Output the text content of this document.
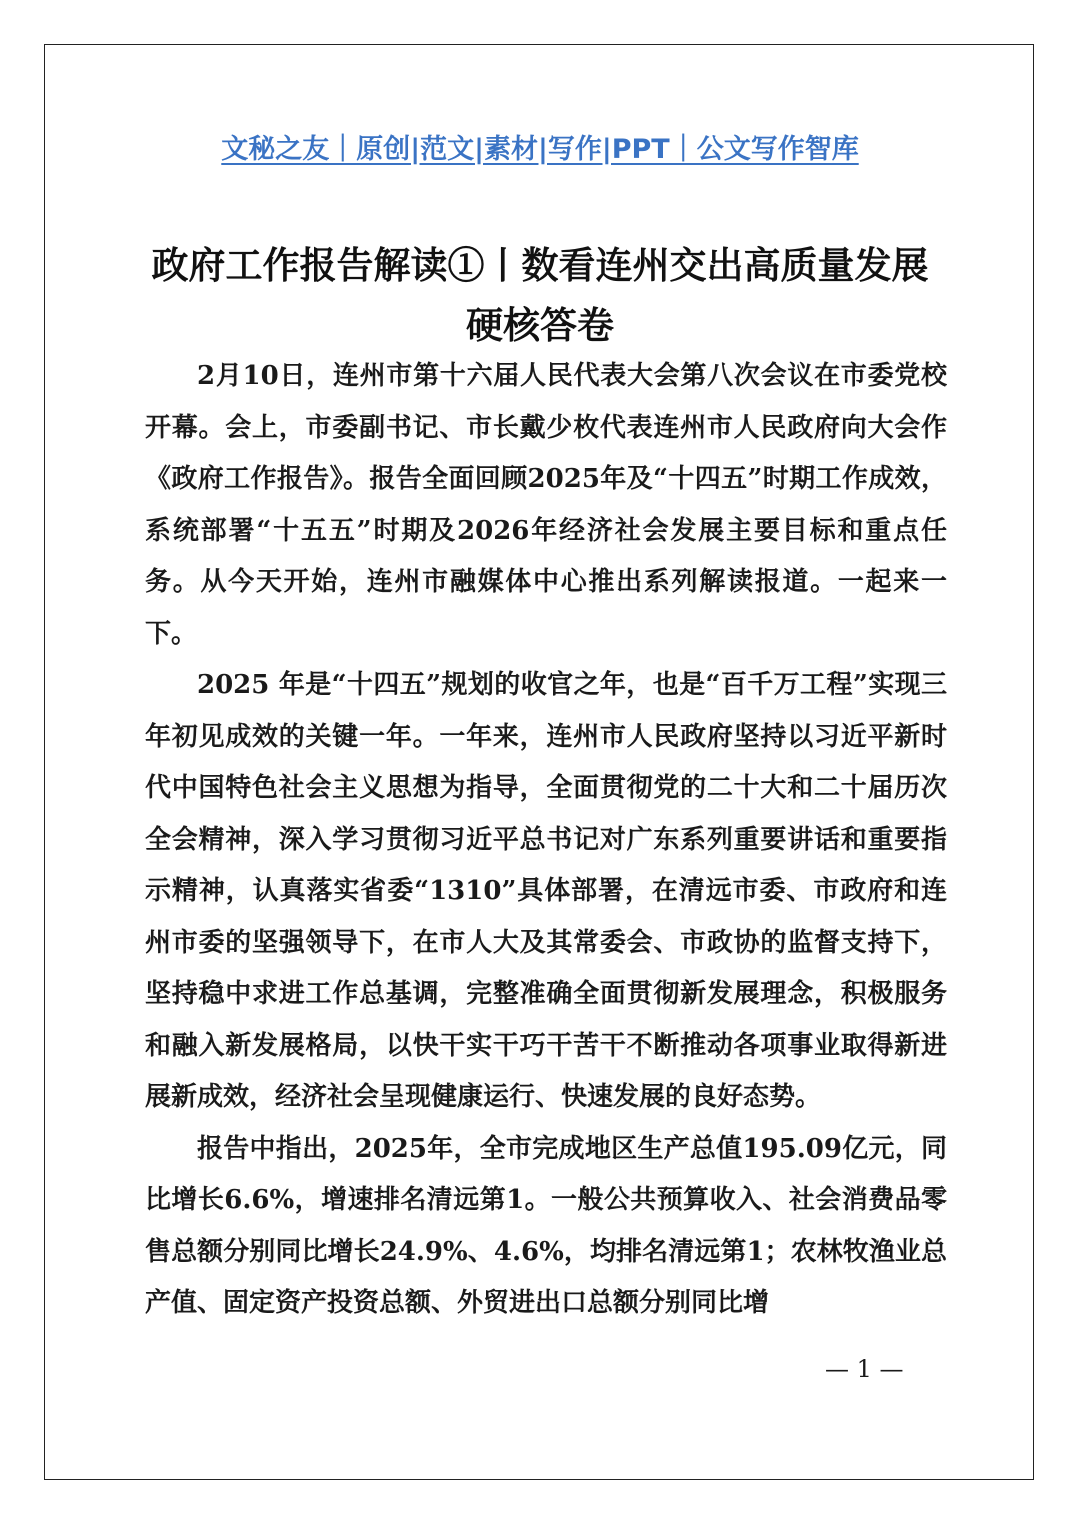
文秘之友｜原创|范文|素材|写作|PPT｜公文写作智库
政府工作报告解读①丨数看连州交出高质量发展硬核答卷

2月10日，连州市第十六届人民代表大会第八次会议在市委党校开幕。会上，市委副书记、市长戴少枚代表连州市人民政府向大会作《政府工作报告》。报告全面回顾2025年及“十四五”时期工作成效，系统部署“十五五”时期及2026年经济社会发展主要目标和重点任务。从今天开始，连州市融媒体中心推出系列解读报道。一起来一下。

2025 年是“十四五”规划的收官之年，也是“百千万工程”实现三年初见成效的关键一年。一年来，连州市人民政府坚持以习近平新时代中国特色社会主义思想为指导，全面贯彻党的二十大和二十届历次全会精神，深入学习贯彻习近平总书记对广东系列重要讲话和重要指示精神，认真落实省委“1310”具体部署，在清远市委、市政府和连州市委的坚强领导下，在市人大及其常委会、市政协的监督支持下，坚持稳中求进工作总基调，完整准确全面贯彻新发展理念，积极服务和融入新发展格局，以快干实干巧干苦干不断推动各项事业取得新进展新成效，经济社会呈现健康运行、快速发展的良好态势。

报告中指出，2025年，全市完成地区生产总值195.09亿元，同比增长6.6%，增速排名清远第1。一般公共预算收入、社会消费品零售总额分别同比增长24.9%、4.6%，均排名清远第1；农林牧渔业总产值、固定资产投资总额、外贸进出口总额分别同比增

— 1 —
